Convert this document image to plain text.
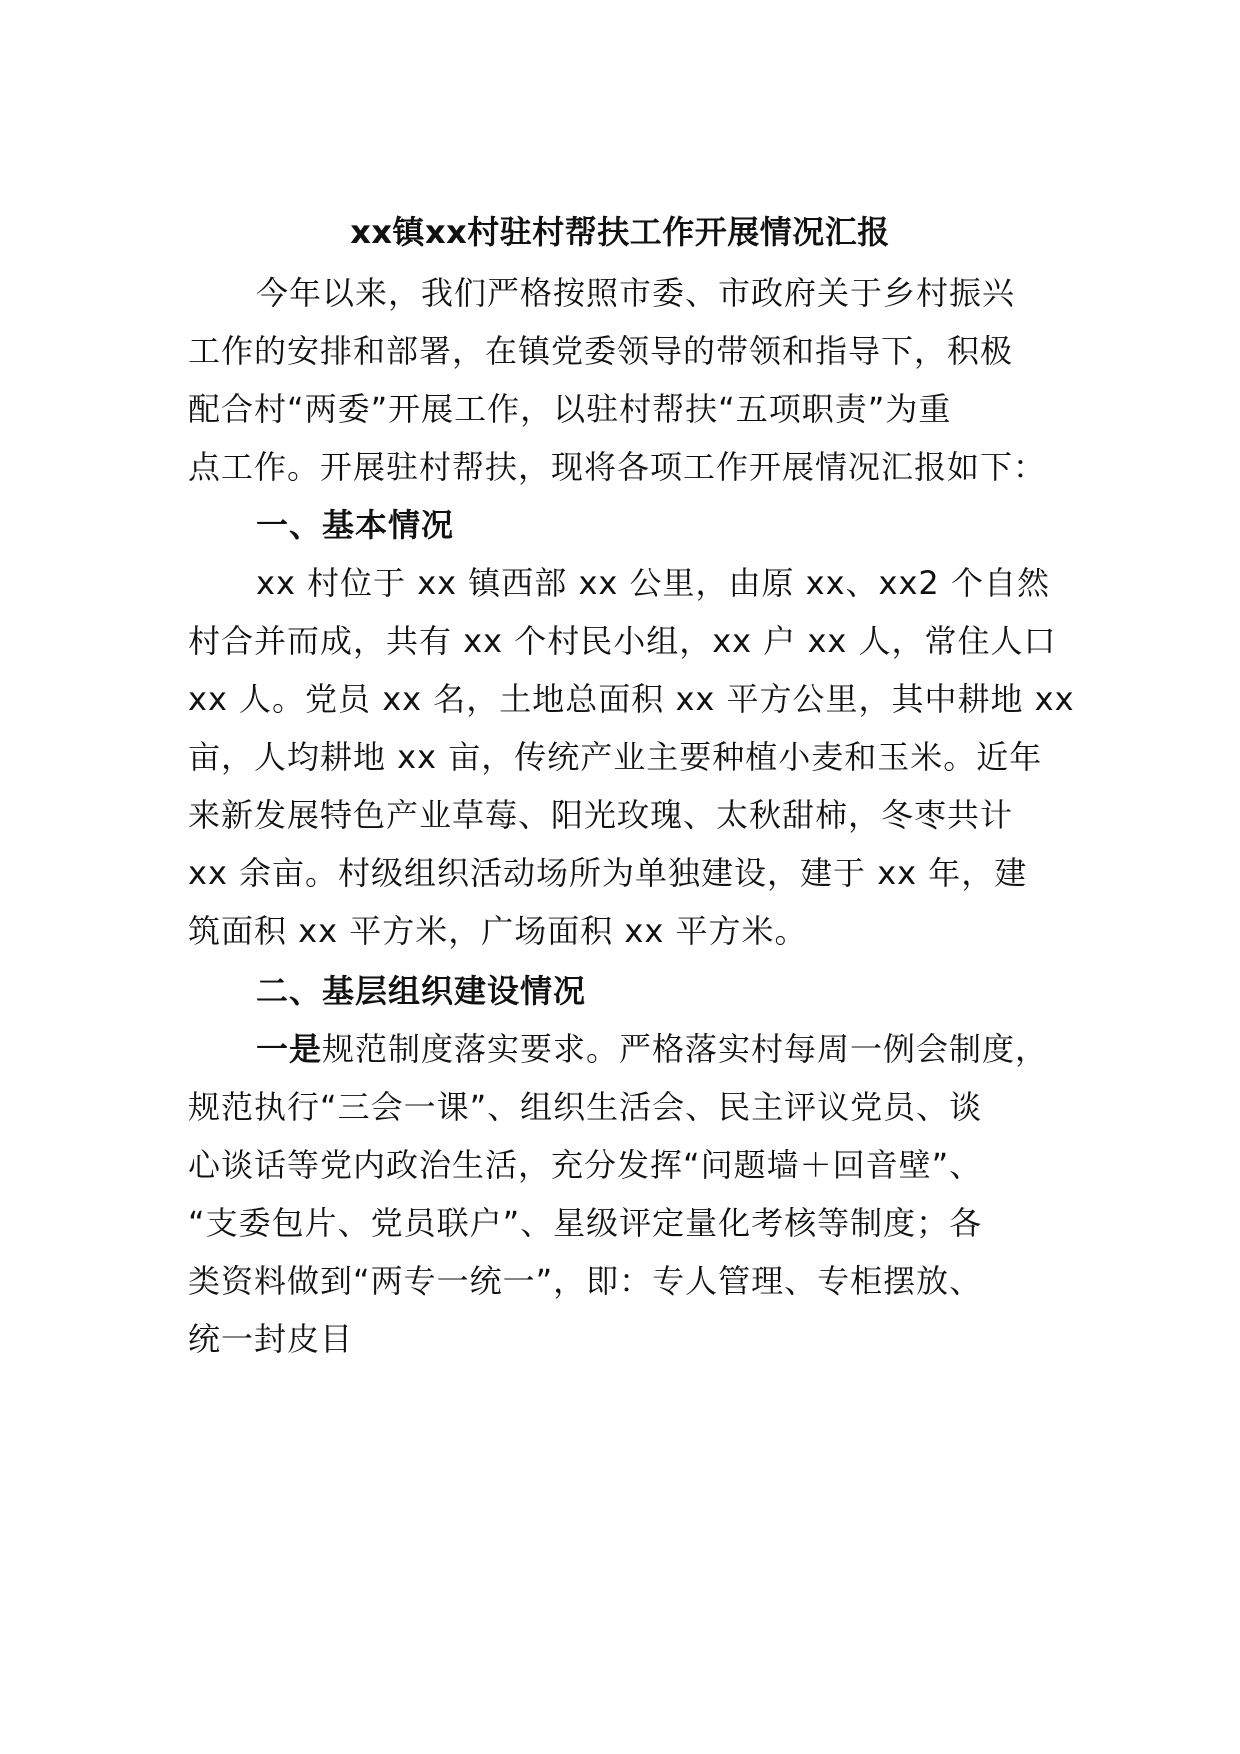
xx镇xx村驻村帮扶工作开展情况汇报
今年以来，我们严格按照市委、市政府关于乡村振兴
工作的安排和部署，在镇党委领导的带领和指导下，积极
配合村“两委”开展工作，以驻村帮扶“五项职责”为重
点工作。开展驻村帮扶，现将各项工作开展情况汇报如下：
一、基本情况
xx 村位于 xx 镇西部 xx 公里，由原 xx、xx2 个自然
村合并而成，共有 xx 个村民小组，xx 户 xx 人，常住人口
xx 人。党员 xx 名，土地总面积 xx 平方公里，其中耕地 xx
亩，人均耕地 xx 亩，传统产业主要种植小麦和玉米。近年
来新发展特色产业草莓、阳光玫瑰、太秋甜柿，冬枣共计
xx 余亩。村级组织活动场所为单独建设，建于 xx 年，建
筑面积 xx 平方米，广场面积 xx 平方米。
二、基层组织建设情况
一是规范制度落实要求。严格落实村每周一例会制度，
规范执行“三会一课”、组织生活会、民主评议党员、谈
心谈话等党内政治生活，充分发挥“问题墙＋回音壁”、
“支委包片、党员联户”、星级评定量化考核等制度；各
类资料做到“两专一统一”，即：专人管理、专柜摆放、
统一封皮目
